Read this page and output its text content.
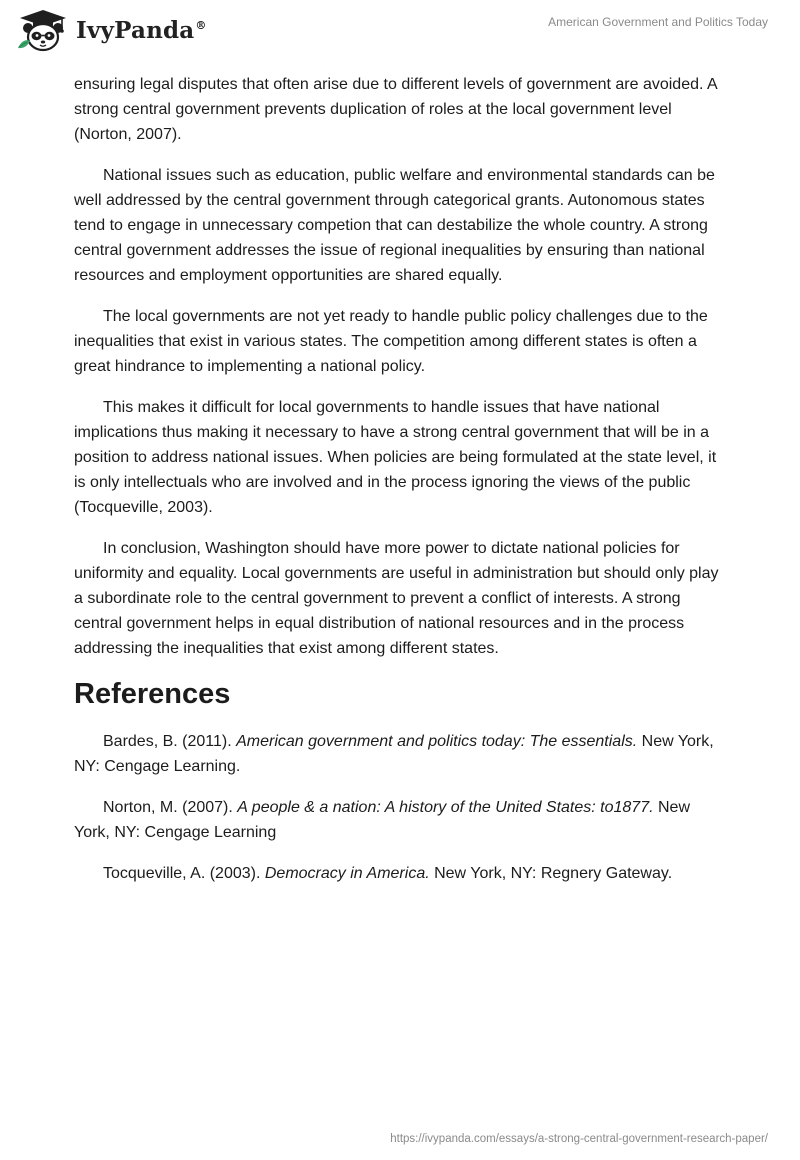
IvyPanda®	American Government and Politics Today

ensuring legal disputes that often arise due to different levels of government are avoided. A strong central government prevents duplication of roles at the local government level (Norton, 2007).

National issues such as education, public welfare and environmental standards can be well addressed by the central government through categorical grants. Autonomous states tend to engage in unnecessary competion that can destabilize the whole country. A strong central government addresses the issue of regional inequalities by ensuring than national resources and employment opportunities are shared equally.

The local governments are not yet ready to handle public policy challenges due to the inequalities that exist in various states. The competition among different states is often a great hindrance to implementing a national policy.

This makes it difficult for local governments to handle issues that have national implications thus making it necessary to have a strong central government that will be in a position to address national issues. When policies are being formulated at the state level, it is only intellectuals who are involved and in the process ignoring the views of the public (Tocqueville, 2003).

In conclusion, Washington should have more power to dictate national policies for uniformity and equality. Local governments are useful in administration but should only play a subordinate role to the central government to prevent a conflict of interests. A strong central government helps in equal distribution of national resources and in the process addressing the inequalities that exist among different states.

References
Bardes, B. (2011). American government and politics today: The essentials. New York, NY: Cengage Learning.
Norton, M. (2007). A people & a nation: A history of the United States: to1877. New York, NY: Cengage Learning
Tocqueville, A. (2003). Democracy in America. New York, NY: Regnery Gateway.
https://ivypanda.com/essays/a-strong-central-government-research-paper/
